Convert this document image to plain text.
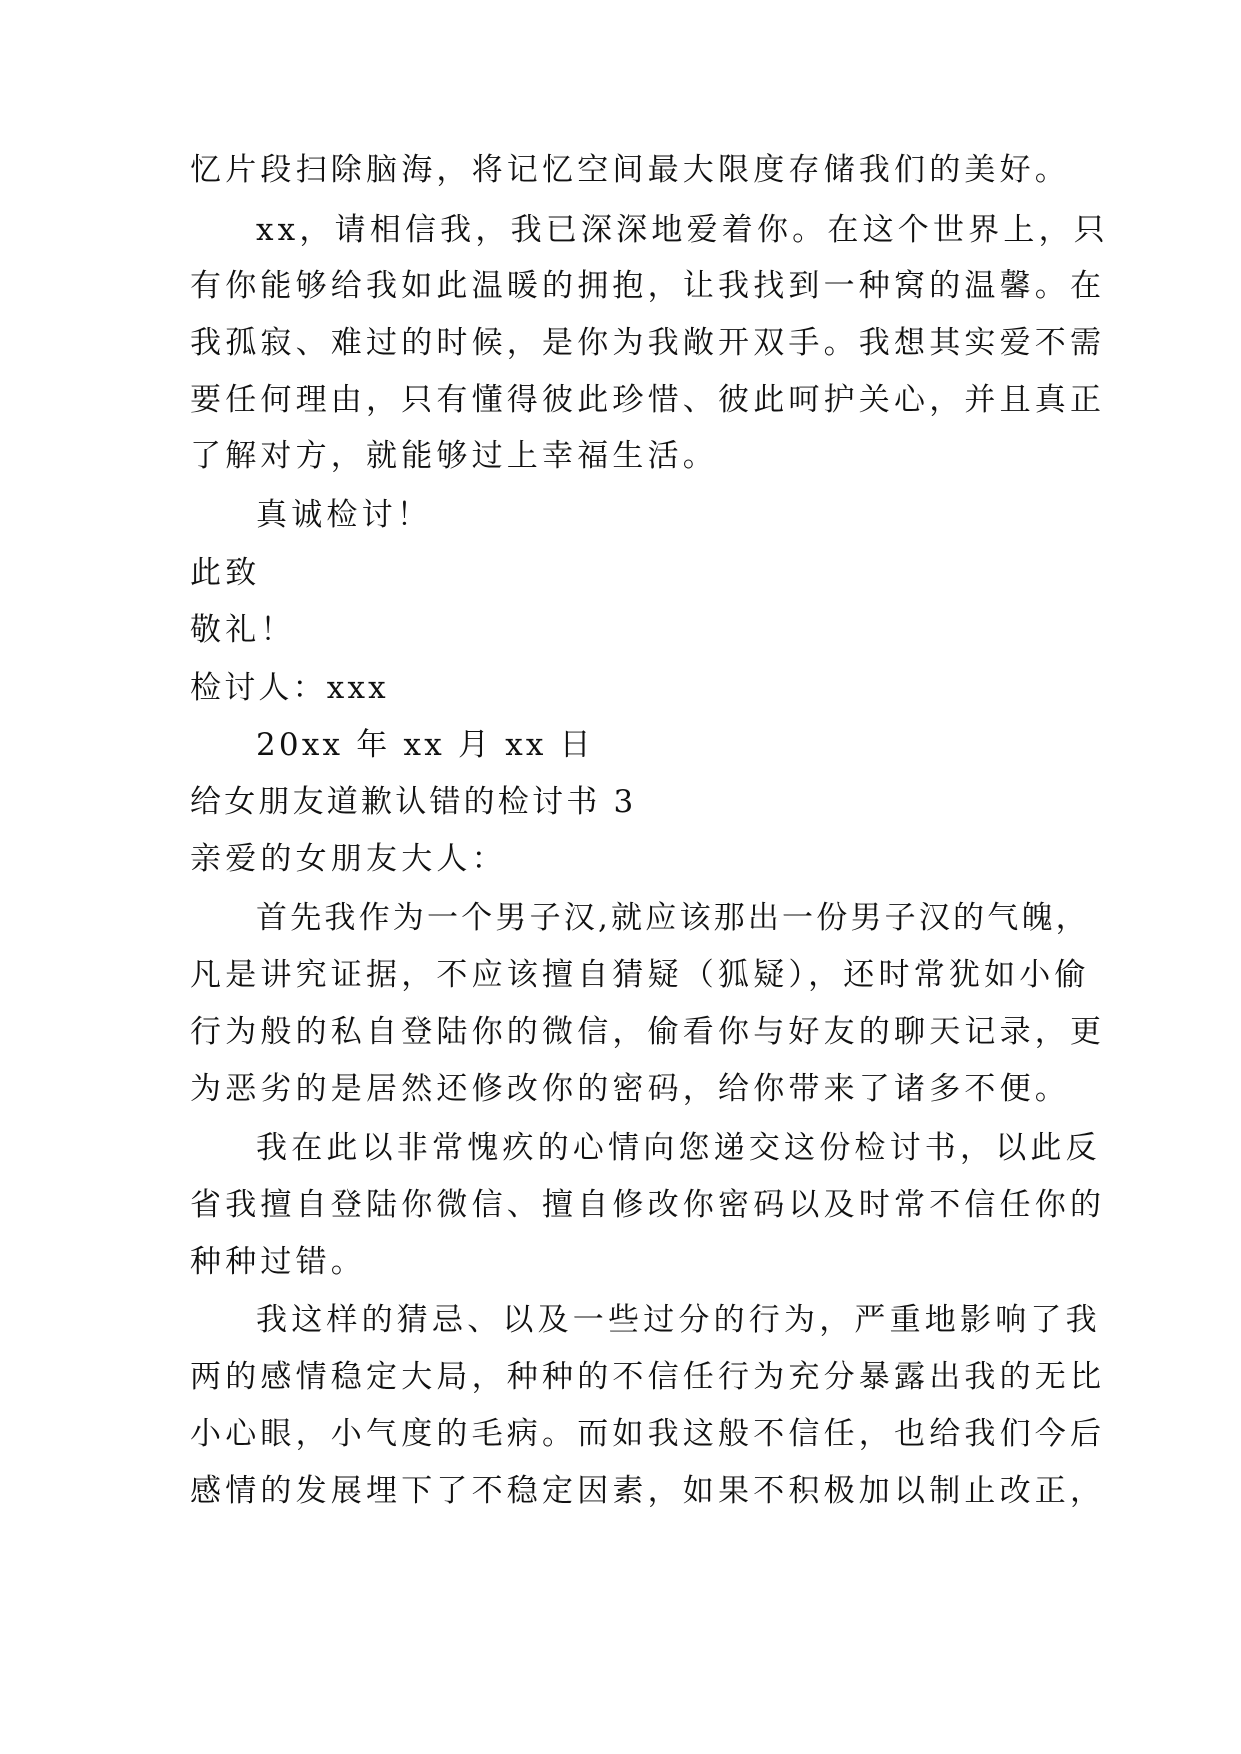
忆片段扫除脑海，将记忆空间最大限度存储我们的美好。
xx，请相信我，我已深深地爱着你。在这个世界上，只
有你能够给我如此温暖的拥抱，让我找到一种窝的温馨。在
我孤寂、难过的时候，是你为我敞开双手。我想其实爱不需
要任何理由，只有懂得彼此珍惜、彼此呵护关心，并且真正
了解对方，就能够过上幸福生活。
真诚检讨！
此致
敬礼！
检讨人：xxx
20xx 年 xx 月 xx 日
给女朋友道歉认错的检讨书 3
亲爱的女朋友大人：
首先我作为一个男子汉,就应该那出一份男子汉的气魄，
凡是讲究证据，不应该擅自猜疑（狐疑），还时常犹如小偷
行为般的私自登陆你的微信，偷看你与好友的聊天记录，更
为恶劣的是居然还修改你的密码，给你带来了诸多不便。
我在此以非常愧疚的心情向您递交这份检讨书，以此反
省我擅自登陆你微信、擅自修改你密码以及时常不信任你的
种种过错。
我这样的猜忌、以及一些过分的行为，严重地影响了我
两的感情稳定大局，种种的不信任行为充分暴露出我的无比
小心眼，小气度的毛病。而如我这般不信任，也给我们今后
感情的发展埋下了不稳定因素，如果不积极加以制止改正，
